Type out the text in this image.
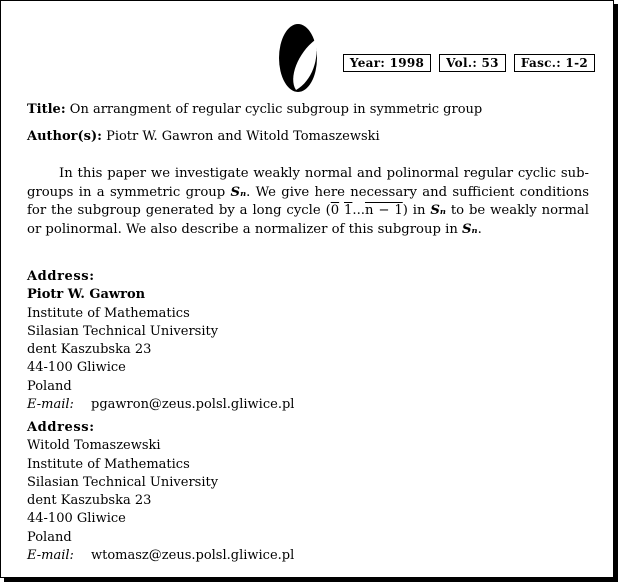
Year: 1998	Vol.: 53	Fasc.: 1-2
Title: On arrangment of regular cyclic subgroup in symmetric group
Author(s): Piotr W. Gawron and Witold Tomaszewski

In this paper we investigate weakly normal and polinormal regular cyclic sub-groups in a symmetric group Sₙ. We give here necessary and sufficient conditions for the subgroup generated by a long cycle (0 1...n − 1) in Sₙ to be weakly normal or polinormal. We also describe a normalizer of this subgroup in Sₙ.

Address:
Piotr W. Gawron
Institute of Mathematics
Silasian Technical University
dent Kaszubska 23
44-100 Gliwice
Poland
E-mail: pgawron@zeus.polsl.gliwice.pl
Address:
Witold Tomaszewski
Institute of Mathematics
Silasian Technical University
dent Kaszubska 23
44-100 Gliwice
Poland
E-mail: wtomasz@zeus.polsl.gliwice.pl
